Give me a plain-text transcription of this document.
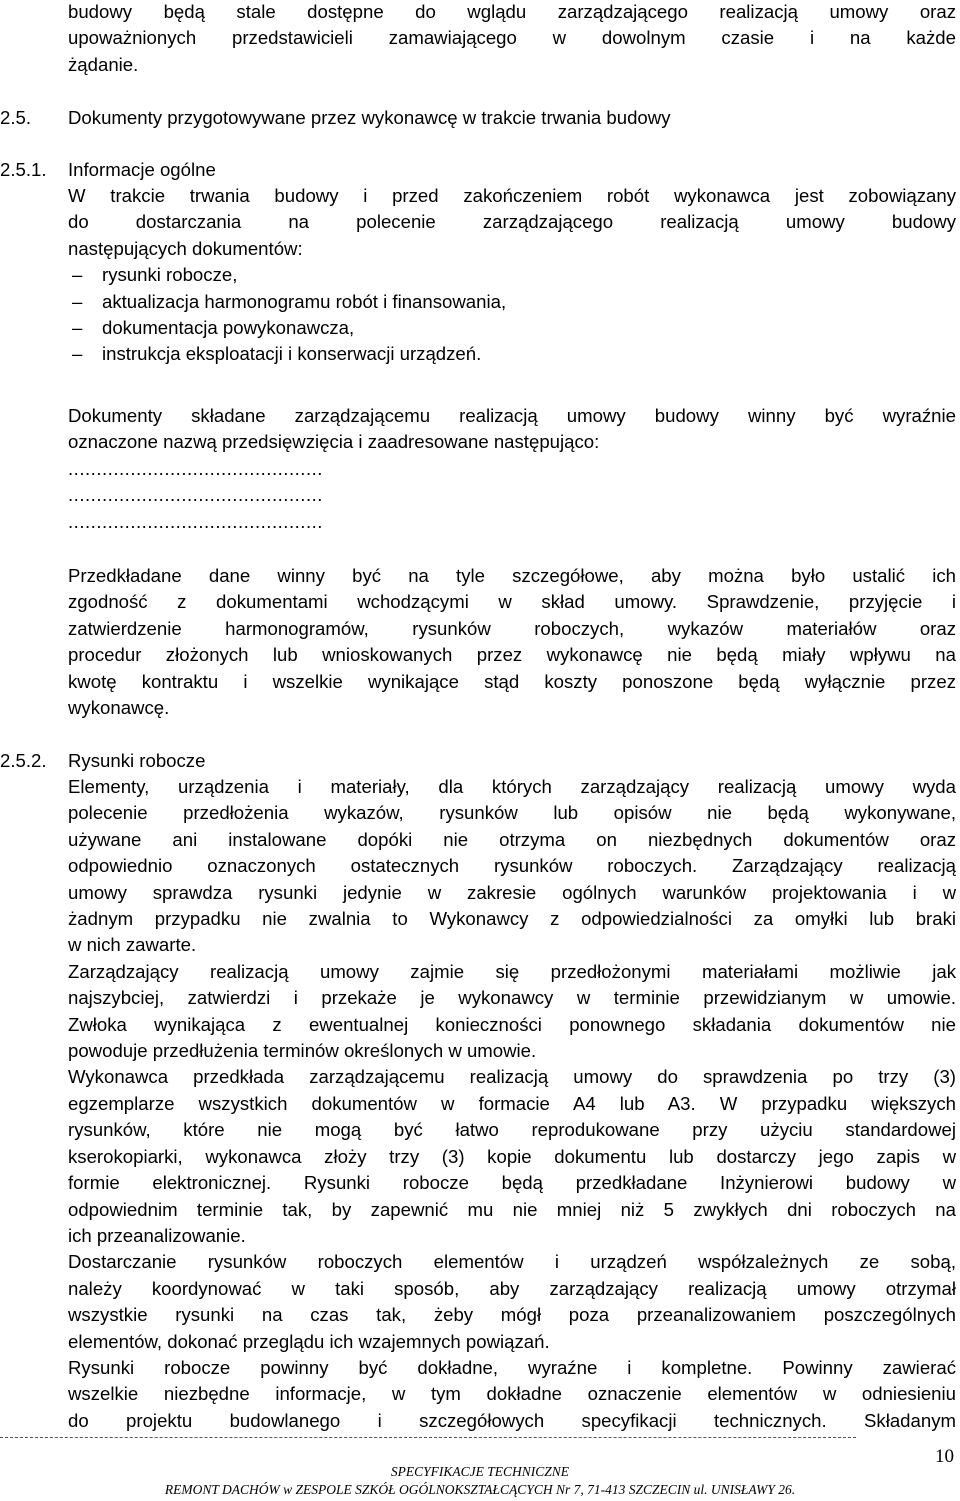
budowy będą stale dostępne do wglądu zarządzającego realizacją umowy oraz
upoważnionych przedstawicieli zamawiającego w dowolnym czasie i na każde
żądanie.
2.5. Dokumenty przygotowywane przez wykonawcę w trakcie trwania budowy
2.5.1. Informacje ogólne
W trakcie trwania budowy i przed zakończeniem robót wykonawca jest zobowiązany
do dostarczania na polecenie zarządzającego realizacją umowy budowy
następujących dokumentów:
– rysunki robocze,
– aktualizacja harmonogramu robót i finansowania,
– dokumentacja powykonawcza,
– instrukcja eksploatacji i konserwacji urządzeń.
Dokumenty składane zarządzającemu realizacją umowy budowy winny być wyraźnie
oznaczone nazwą przedsięwzięcia i zaadresowane następująco:
.............................................
.............................................
.............................................
Przedkładane dane winny być na tyle szczegółowe, aby można było ustalić ich
zgodność z dokumentami wchodzącymi w skład umowy. Sprawdzenie, przyjęcie i
zatwierdzenie harmonogramów, rysunków roboczych, wykazów materiałów oraz
procedur złożonych lub wnioskowanych przez wykonawcę nie będą miały wpływu na
kwotę kontraktu i wszelkie wynikające stąd koszty ponoszone będą wyłącznie przez
wykonawcę.
2.5.2. Rysunki robocze
Elementy, urządzenia i materiały, dla których zarządzający realizacją umowy wyda
polecenie przedłożenia wykazów, rysunków lub opisów nie będą wykonywane,
używane ani instalowane dopóki nie otrzyma on niezbędnych dokumentów oraz
odpowiednio oznaczonych ostatecznych rysunków roboczych. Zarządzający realizacją
umowy sprawdza rysunki jedynie w zakresie ogólnych warunków projektowania i w
żadnym przypadku nie zwalnia to Wykonawcy z odpowiedzialności za omyłki lub braki
w nich zawarte.
Zarządzający realizacją umowy zajmie się przedłożonymi materiałami możliwie jak
najszybciej, zatwierdzi i przekaże je wykonawcy w terminie przewidzianym w umowie.
Zwłoka wynikająca z ewentualnej konieczności ponownego składania dokumentów nie
powoduje przedłużenia terminów określonych w umowie.
Wykonawca przedkłada zarządzającemu realizacją umowy do sprawdzenia po trzy (3)
egzemplarze wszystkich dokumentów w formacie A4 lub A3. W przypadku większych
rysunków, które nie mogą być łatwo reprodukowane przy użyciu standardowej
kserokopiarki, wykonawca złoży trzy (3) kopie dokumentu lub dostarczy jego zapis w
formie elektronicznej. Rysunki robocze będą przedkładane Inżynierowi budowy w
odpowiednim terminie tak, by zapewnić mu nie mniej niż 5 zwykłych dni roboczych na
ich przeanalizowanie.
Dostarczanie rysunków roboczych elementów i urządzeń współzależnych ze sobą,
należy koordynować w taki sposób, aby zarządzający realizacją umowy otrzymał
wszystkie rysunki na czas tak, żeby mógł poza przeanalizowaniem poszczególnych
elementów, dokonać przeglądu ich wzajemnych powiązań.
Rysunki robocze powinny być dokładne, wyraźne i kompletne. Powinny zawierać
wszelkie niezbędne informacje, w tym dokładne oznaczenie elementów w odniesieniu
do projektu budowlanego i szczegółowych specyfikacji technicznych. Składanym
10
SPECYFIKACJE TECHNICZNE
REMONT DACHÓW w ZESPOLE SZKÓŁ OGÓLNOKSZTAŁCĄCYCH Nr 7, 71-413 SZCZECIN ul. UNISŁAWY 26.
